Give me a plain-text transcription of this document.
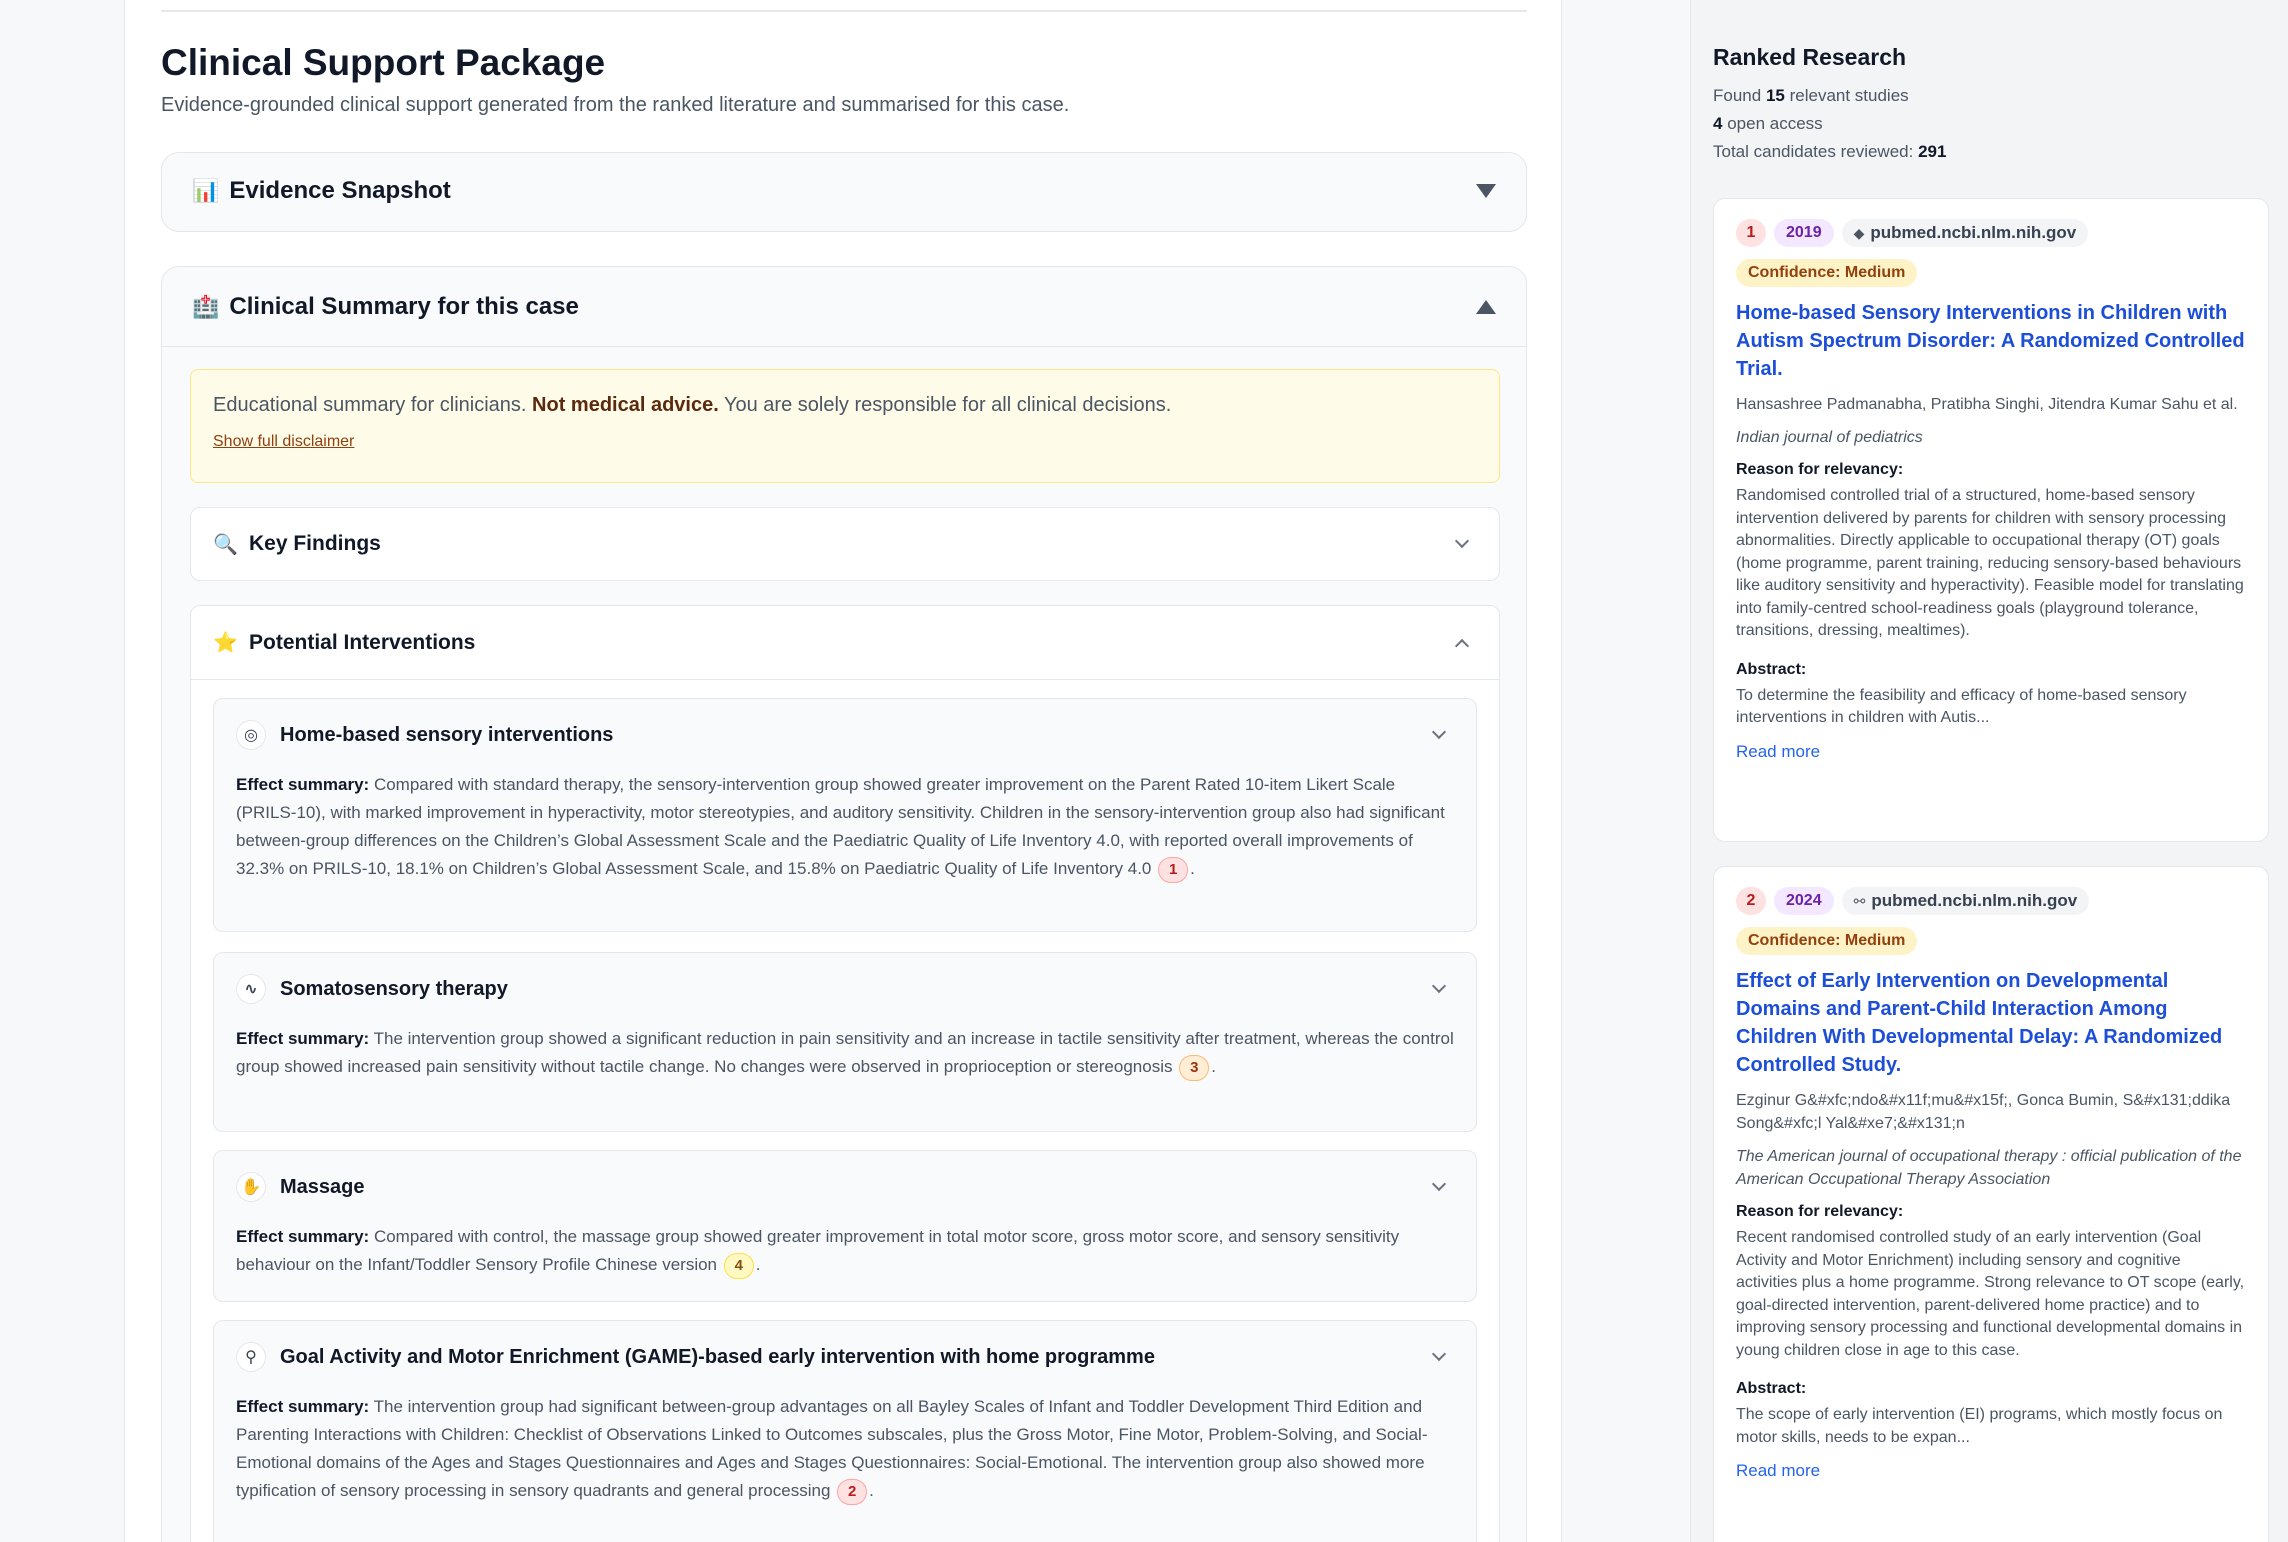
Clinical Support Package

Evidence-grounded clinical support generated from the ranked literature and summarised for this case.

📊 Evidence Snapshot
🏥 Clinical Summary for this case
Educational summary for clinicians. Not medical advice. You are solely responsible for all clinical decisions.
Show full disclaimer
🔍 Key Findings
⭐ Potential Interventions
◎	Home-based sensory interventions
Effect summary: Compared with standard therapy, the sensory-intervention group showed greater improvement on the Parent Rated 10-item Likert Scale (PRILS-10), with marked improvement in hyperactivity, motor stereotypies, and auditory sensitivity. Children in the sensory-intervention group also had significant between-group differences on the Children’s Global Assessment Scale and the Paediatric Quality of Life Inventory 4.0, with reported overall improvements of 32.3% on PRILS-10, 18.1% on Children’s Global Assessment Scale, and 15.8% on Paediatric Quality of Life Inventory 4.0 1 .
∿	Somatosensory therapy
Effect summary: The intervention group showed a significant reduction in pain sensitivity and an increase in tactile sensitivity after treatment, whereas the control group showed increased pain sensitivity without tactile change. No changes were observed in proprioception or stereognosis 3 .
✋ Massage
Effect summary: Compared with control, the massage group showed greater improvement in total motor score, gross motor score, and sensory sensitivity behaviour on the Infant/Toddler Sensory Profile Chinese version 4 .
⚲	Goal Activity and Motor Enrichment (GAME)-based early intervention with home programme
Effect summary: The intervention group had significant between-group advantages on all Bayley Scales of Infant and Toddler Development Third Edition and Parenting Interactions with Children: Checklist of Observations Linked to Outcomes subscales, plus the Gross Motor, Fine Motor, Problem-Solving, and Social-Emotional domains of the Ages and Stages Questionnaires and Ages and Stages Questionnaires: Social-Emotional. The intervention group also showed more typification of sensory processing in sensory quadrants and general processing 2 .
Ranked Research
Found 15 relevant studies
4 open access
Total candidates reviewed: 291
1	2019	◆ pubmed.ncbi.nlm.nih.gov
Confidence: Medium
Home-based Sensory Interventions in Children with Autism Spectrum Disorder: A Randomized Controlled Trial.
Hansashree Padmanabha, Pratibha Singhi, Jitendra Kumar Sahu et al.
Indian journal of pediatrics
Reason for relevancy:
Randomised controlled trial of a structured, home-based sensory intervention delivered by parents for children with sensory processing abnormalities. Directly applicable to occupational therapy (OT) goals (home programme, parent training, reducing sensory-based behaviours like auditory sensitivity and hyperactivity). Feasible model for translating into family-centred school-readiness goals (playground tolerance, transitions, dressing, mealtimes).
Abstract:
To determine the feasibility and efficacy of home-based sensory interventions in children with Autis...
Read more
2	2024	⚯ pubmed.ncbi.nlm.nih.gov
Confidence: Medium
Effect of Early Intervention on Developmental Domains and Parent-Child Interaction Among Children With Developmental Delay: A Randomized Controlled Study.
Ezginur G&#xfc;ndo&#x11f;mu&#x15f;, Gonca Bumin, S&#x131;ddika Song&#xfc;l Yal&#xe7;&#x131;n
The American journal of occupational therapy : official publication of the American Occupational Therapy Association
Reason for relevancy:
Recent randomised controlled study of an early intervention (Goal Activity and Motor Enrichment) including sensory and cognitive activities plus a home programme. Strong relevance to OT scope (early, goal-directed intervention, parent-delivered home practice) and to improving sensory processing and functional developmental domains in young children close in age to this case.
Abstract:
The scope of early intervention (EI) programs, which mostly focus on motor skills, needs to be expan...
Read more
